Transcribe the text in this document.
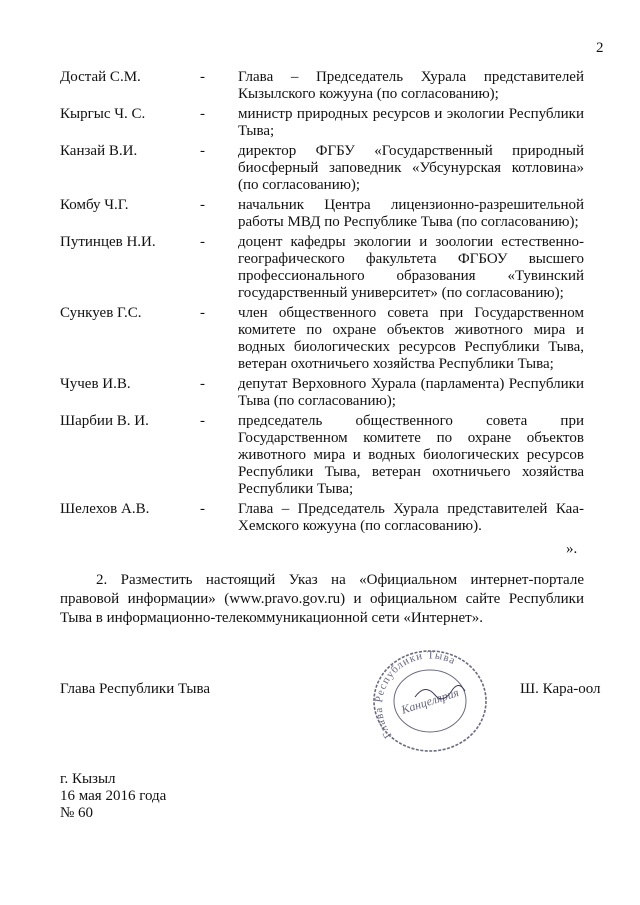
2
Достай С.М.	-	Глава – Председатель Хурала представителей Кызылского кожууна (по согласованию);
Кыргыс Ч. С.	-	министр природных ресурсов и экологии Республики Тыва;
Канзай В.И.	-	директор ФГБУ «Государственный природный биосферный заповедник «Убсунурская котловина» (по согласованию);
Комбу Ч.Г.	-	начальник Центра лицензионно-разрешительной работы МВД по Республике Тыва (по согласованию);
Путинцев Н.И.	-	доцент кафедры экологии и зоологии естественно-географического факультета ФГБОУ высшего профессионального образования «Тувинский государственный университет» (по согласованию);
Сункуев Г.С.	-	член общественного совета при Государственном комитете по охране объектов животного мира и водных биологических ресурсов Республики Тыва, ветеран охотничьего хозяйства Республики Тыва;
Чучев И.В.	-	депутат Верховного Хурала (парламента) Республики Тыва (по согласованию);
Шарбии В. И.	-	председатель общественного совета при Государственном комитете по охране объектов животного мира и водных биологических ресурсов Республики Тыва, ветеран охотничьего хозяйства Республики Тыва;
Шелехов А.В.	-	Глава – Председатель Хурала представителей Каа-Хемского кожууна (по согласованию).
».
2. Разместить настоящий Указ на «Официальном интернет-портале правовой информации» (www.pravo.gov.ru) и официальном сайте Республики Тыва в информационно-телекоммуникационной сети «Интернет».
Глава Республики Тыва	Ш. Кара-оол
Глава Республики Тыва
Канцелярия
г. Кызыл
16 мая 2016 года
№ 60
